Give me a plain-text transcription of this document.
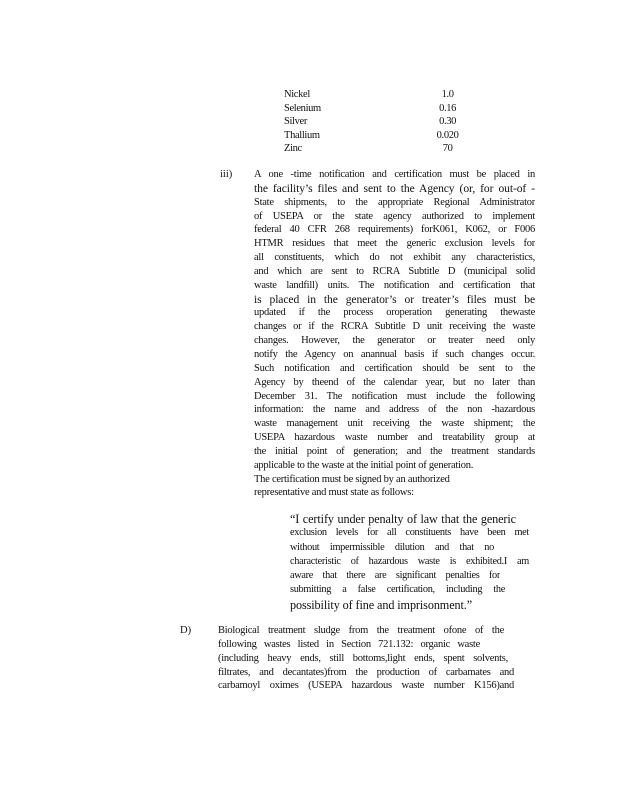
Nickel	1.0
Selenium	0.16
Silver	0.30
Thallium	0.020
Zinc	70
iii) A one -time notification and certification must be placed in
the facility’s files and sent to the Agency (or, for out-of -
State shipments, to the appropriate Regional Administrator
of USEPA or the state agency authorized to implement
federal 40 CFR 268 requirements) forK061, K062, or F006
HTMR residues that meet the generic exclusion levels for
all constituents, which do not exhibit any characteristics,
and which are sent to RCRA Subtitle D (municipal solid
waste landfill) units. The notification and certification that
is placed in the generator’s or treater’s files must be
updated if the process oroperation generating thewaste
changes or if the RCRA Subtitle D unit receiving the waste
changes. However, the generator or treater need only
notify the Agency on anannual basis if such changes occur.
Such notification and certification should be sent to the
Agency by theend of the calendar year, but no later than
December 31. The notification must include the following
information: the name and address of the non -hazardous
waste management unit receiving the waste shipment; the
USEPA hazardous waste number and treatability group at
the initial point of generation; and the treatment standards
applicable to the waste at the initial point of generation.
The certification must be signed by an authorized
representative and must state as follows:
“I certify under penalty of law that the generic
exclusion levels for all constituents have been met
without impermissible dilution and that no
characteristic of hazardous waste is exhibited.I am
aware that there are significant penalties for
submitting a false certification, including the
possibility of fine and imprisonment.”
D)	Biological treatment sludge from the treatment ofone of the
following wastes listed in Section 721.132: organic waste
(including heavy ends, still bottoms,light ends, spent solvents,
filtrates, and decantates)from the production of carbamates and
carbamoyl oximes (USEPA hazardous waste number K156)and
